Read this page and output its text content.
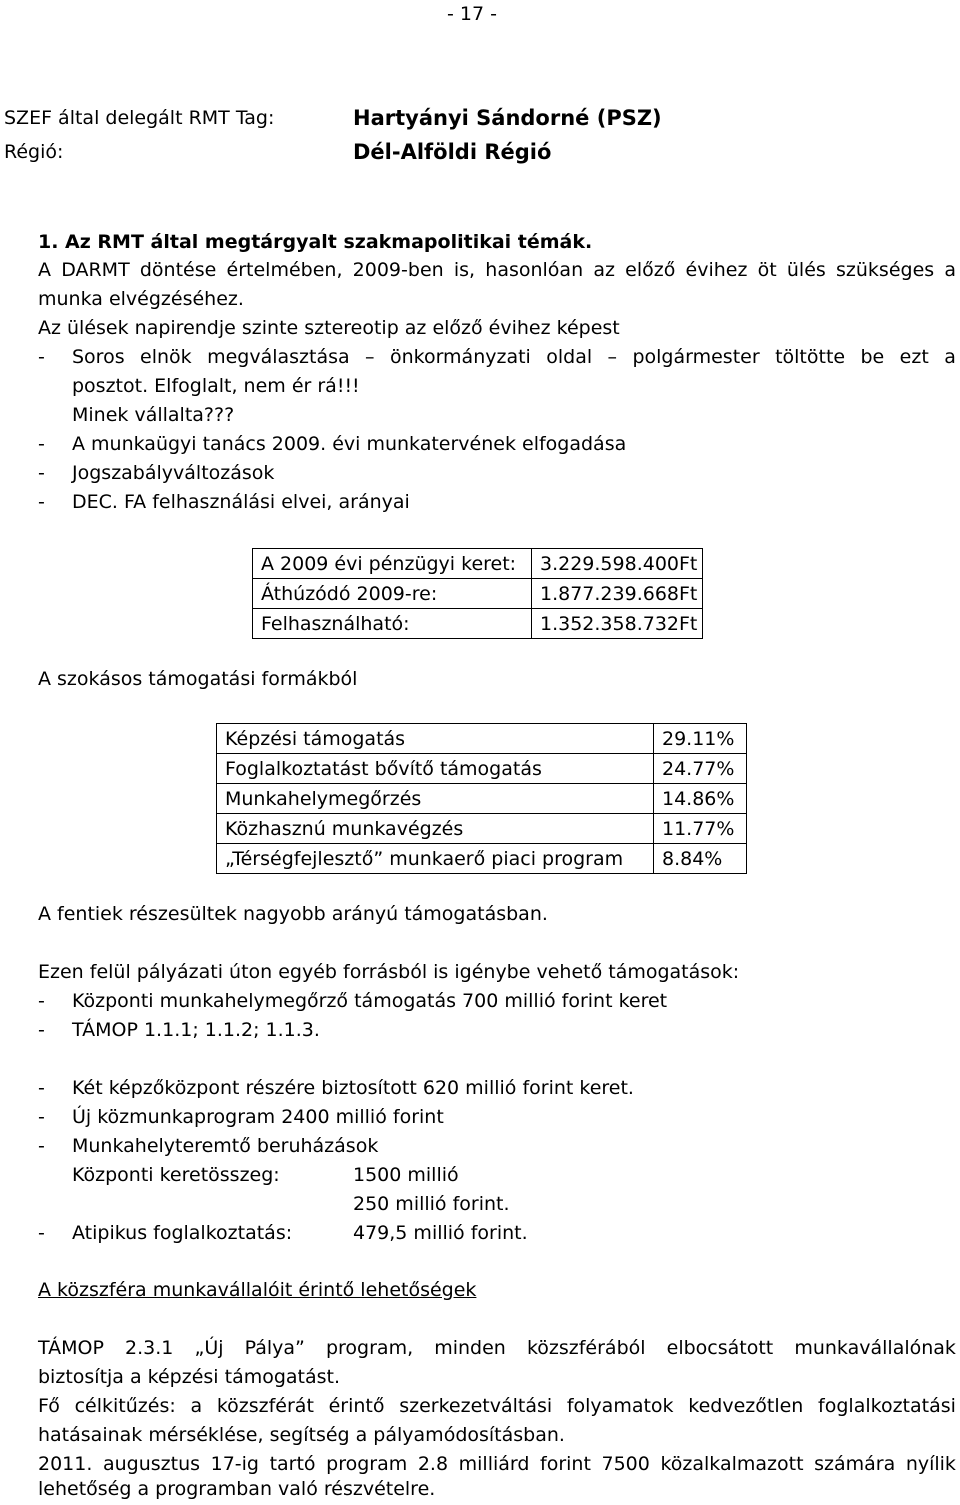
- 17 -
SZEF által delegált RMT Tag:	Hartyányi Sándorné (PSZ)
Régió:	Dél-Alföldi Régió
1. Az RMT által megtárgyalt szakmapolitikai témák.
A DARMT döntése értelmében, 2009-ben is, hasonlóan az előző évihez öt ülés szükséges a
munka elvégzéséhez.
Az ülések napirendje szinte sztereotip az előző évihez képest
- Soros elnök megválasztása – önkormányzati oldal – polgármester töltötte be ezt a
posztot. Elfoglalt, nem ér rá!!!
Minek vállalta???
- A munkaügyi tanács 2009. évi munkatervének elfogadása
- Jogszabályváltozások
- DEC. FA felhasználási elvei, arányai
A 2009 évi pénzügyi keret:	3.229.598.400Ft
Áthúzódó 2009-re:	1.877.239.668Ft
Felhasználható:	1.352.358.732Ft
A szokásos támogatási formákból
Képzési támogatás	29.11%
Foglalkoztatást bővítő támogatás	24.77%
Munkahelymegőrzés	14.86%
Közhasznú munkavégzés	11.77%
„Térségfejlesztő” munkaerő piaci program	8.84%
A fentiek részesültek nagyobb arányú támogatásban.
Ezen felül pályázati úton egyéb forrásból is igénybe vehető támogatások:
- Központi munkahelymegőrző támogatás 700 millió forint keret
- TÁMOP 1.1.1; 1.1.2; 1.1.3.
- Két képzőközpont részére biztosított 620 millió forint keret.
- Új közmunkaprogram 2400 millió forint
- Munkahelyteremtő beruházások
Központi keretösszeg:	1500 millió
250 millió forint.
- Atipikus foglalkoztatás:	479,5 millió forint.
A közszféra munkavállalóit érintő lehetőségek
TÁMOP 2.3.1 „Új Pálya” program, minden közszférából elbocsátott munkavállalónak
biztosítja a képzési támogatást.
Fő célkitűzés: a közszférát érintő szerkezetváltási folyamatok kedvezőtlen foglalkoztatási
hatásainak mérséklése, segítség a pályamódosításban.
2011. augusztus 17-ig tartó program 2.8 milliárd forint 7500 közalkalmazott számára nyílik
lehetőség a programban való részvételre.
